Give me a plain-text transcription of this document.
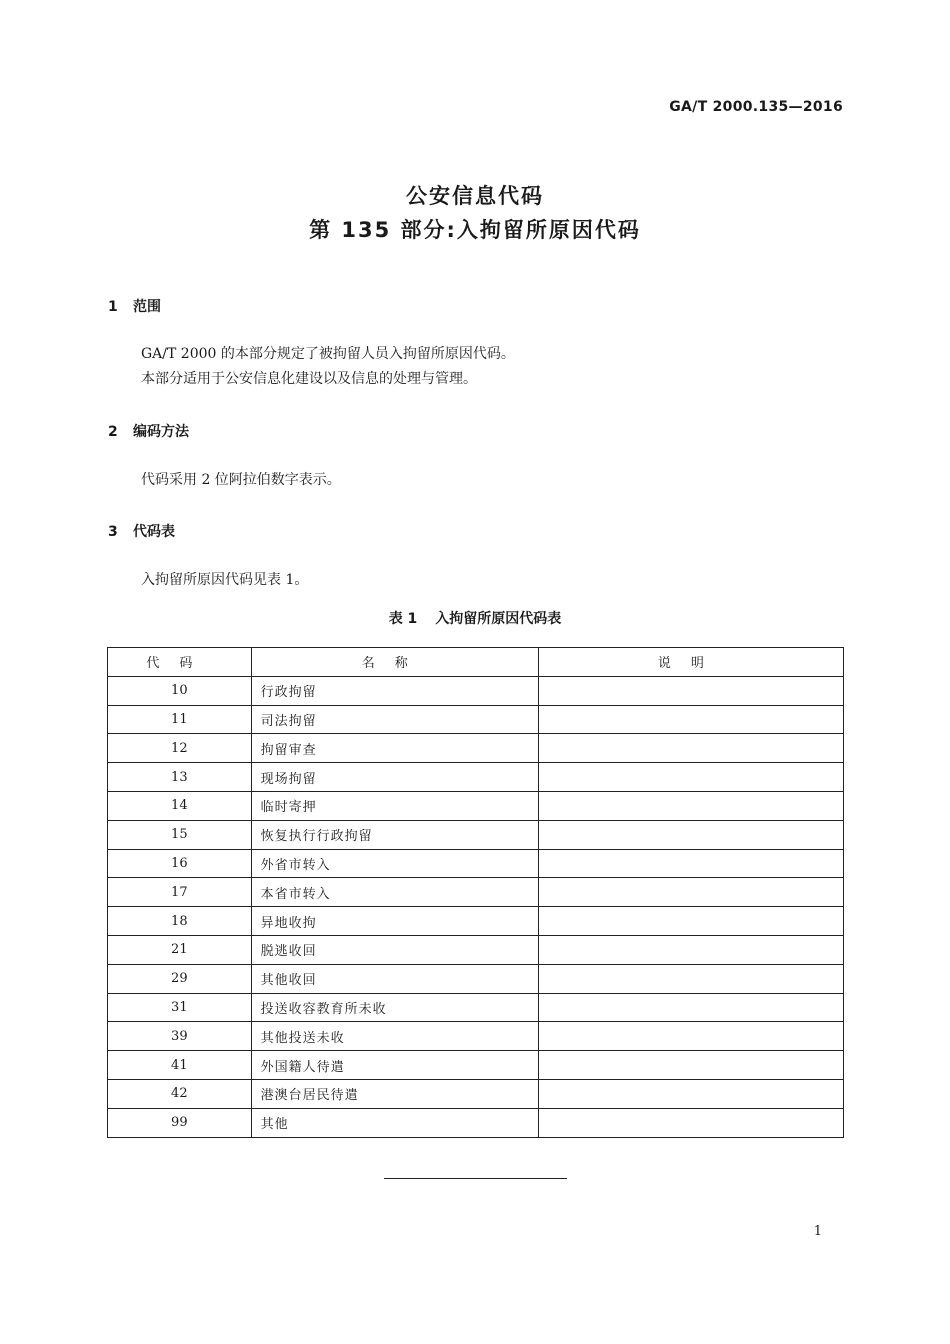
GA/T 2000.135—2016
公安信息代码
第 135 部分:入拘留所原因代码
1 范围
GA/T 2000 的本部分规定了被拘留人员入拘留所原因代码。
本部分适用于公安信息化建设以及信息的处理与管理。
2 编码方法
代码采用 2 位阿拉伯数字表示。
3 代码表
入拘留所原因代码见表 1。
表 1 入拘留所原因代码表
代码	名称	说明
10	行政拘留	
11	司法拘留	
12	拘留审查	
13	现场拘留	
14	临时寄押	
15	恢复执行行政拘留	
16	外省市转入	
17	本省市转入	
18	异地收拘	
21	脱逃收回	
29	其他收回	
31	投送收容教育所未收	
39	其他投送未收	
41	外国籍人待遣	
42	港澳台居民待遣	
99	其他	
1
